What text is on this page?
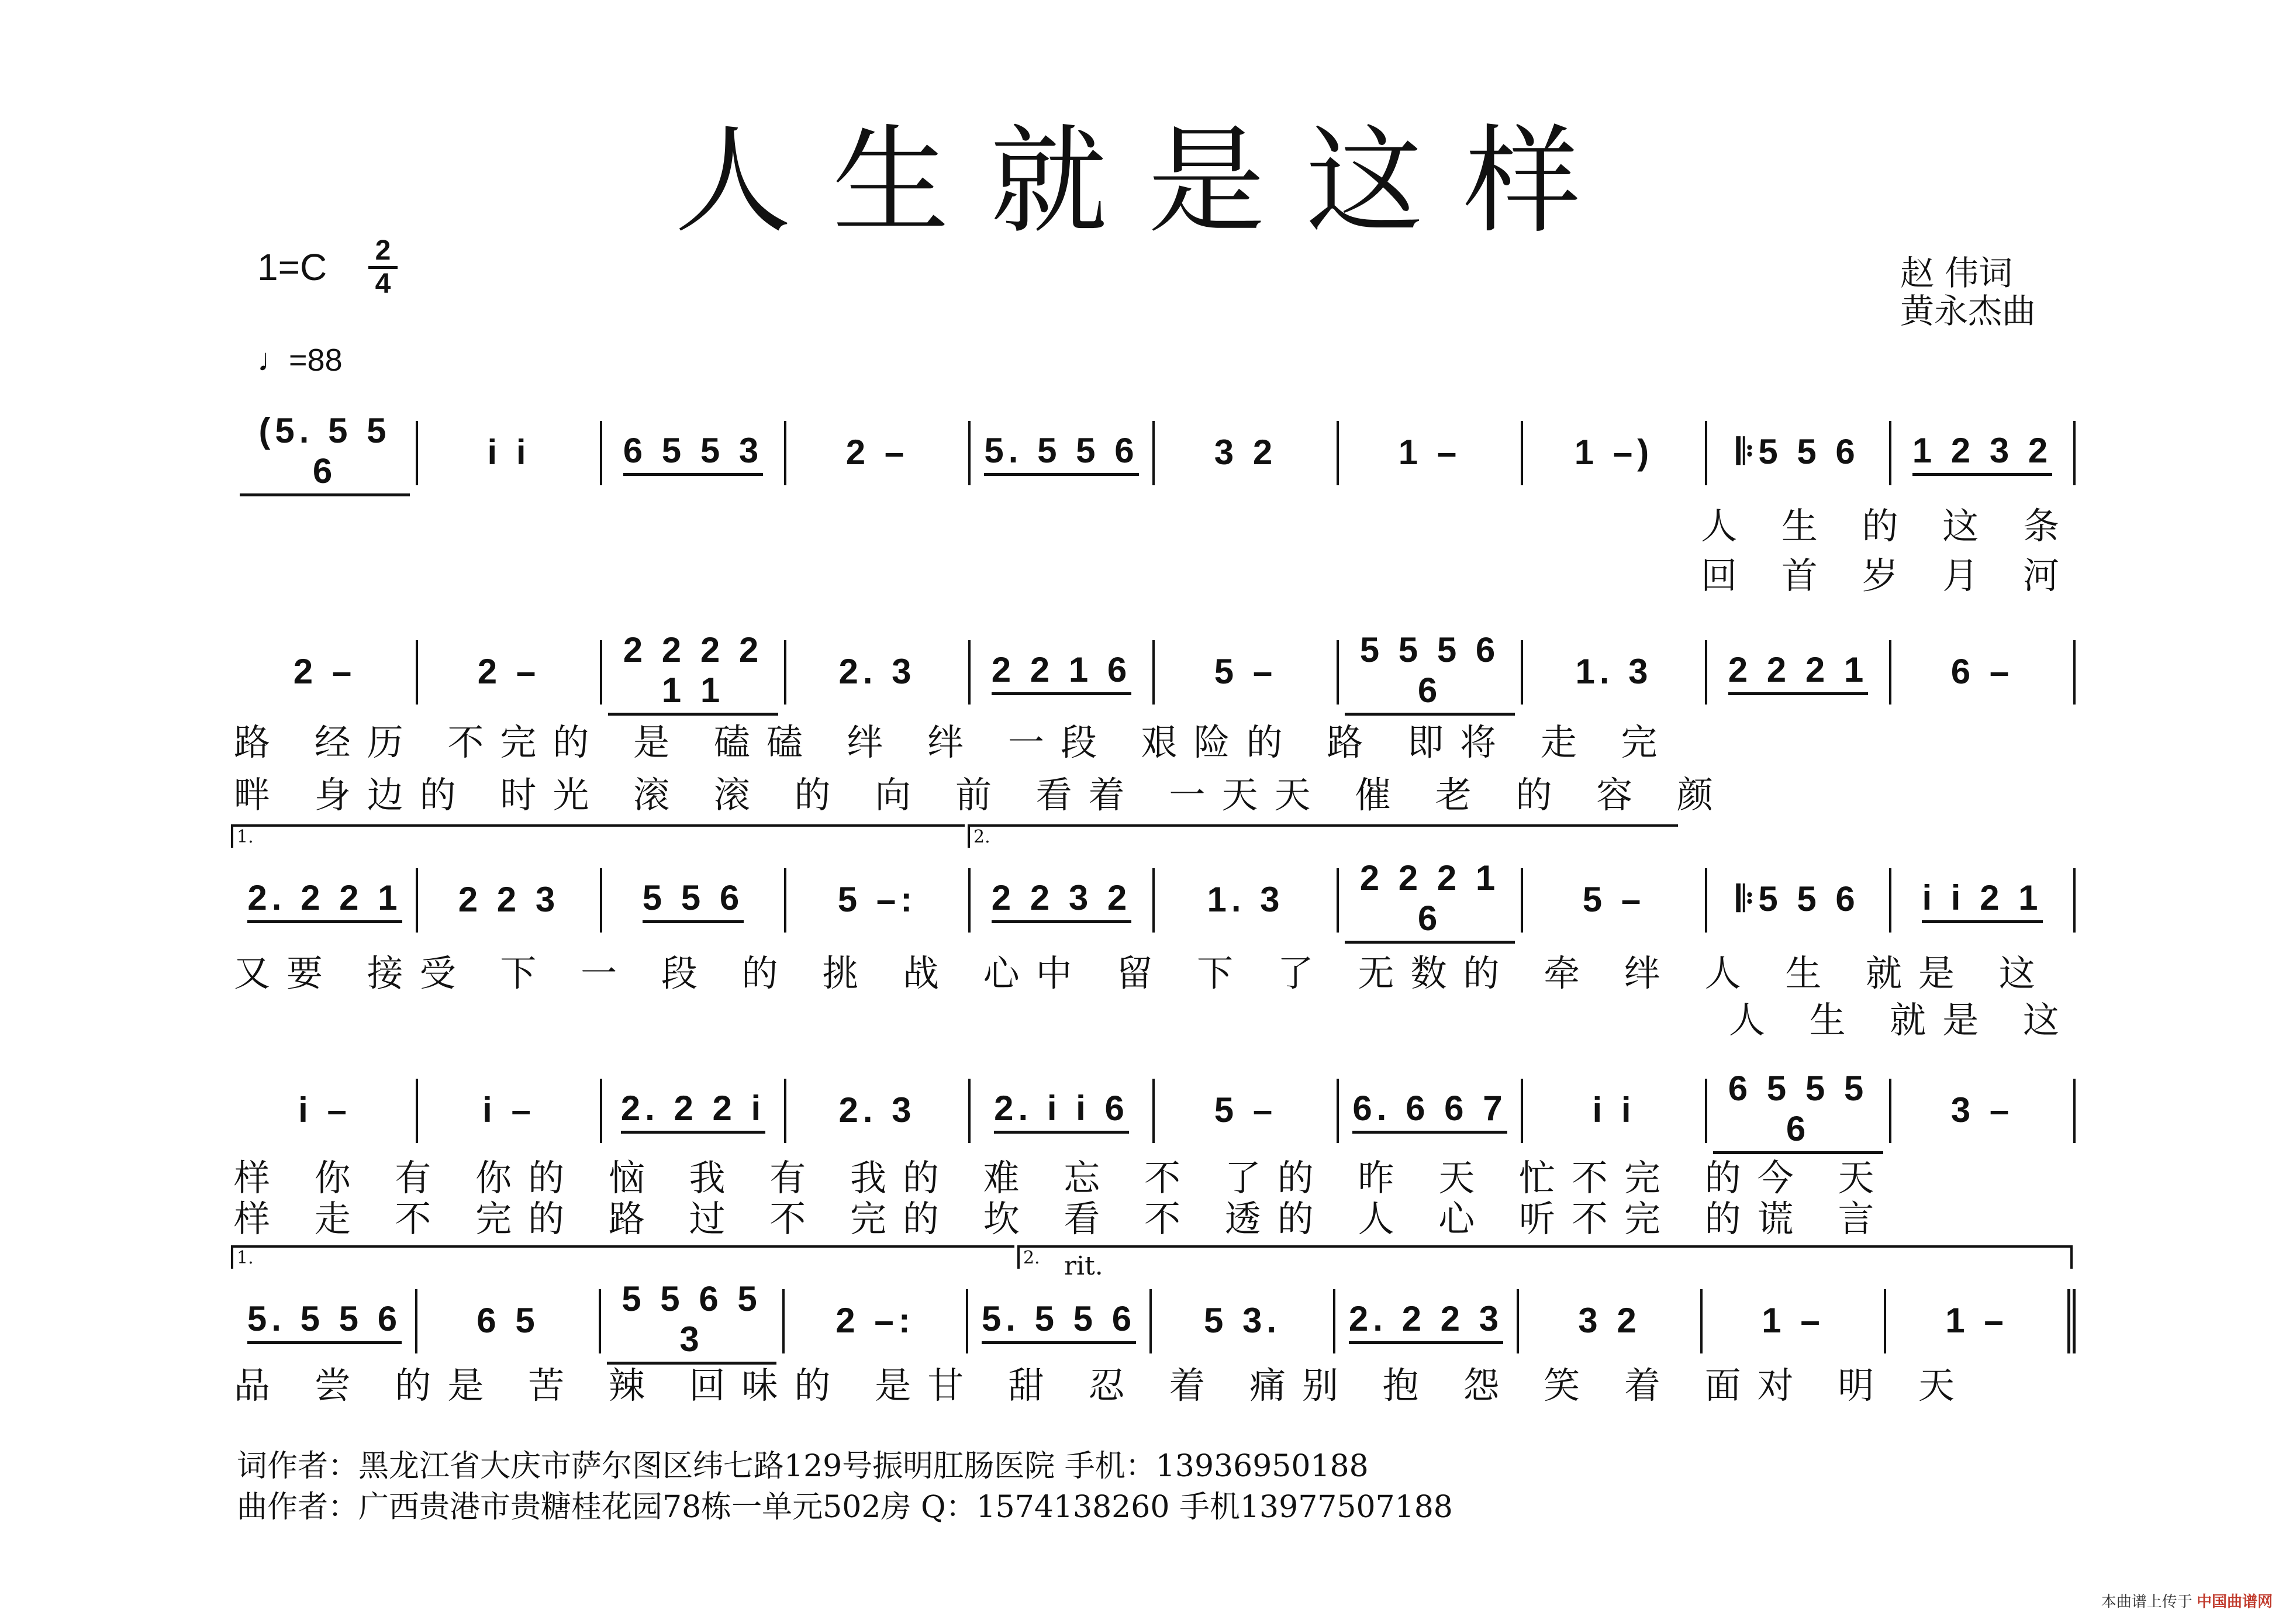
人生就是这样
1=C 2
4
♩=88
赵 伟词
黄永杰曲
(5. 5 5 6	i i	6 5 5 3 2 – 5. 5 5 6 3 2	1 –	1 –) 𝄆5 5 6 1 2 3 2
人 生 的 这 条
回 首 岁 月 河
2 –	2 –
2 2 2 2 1 1	2. 3 2 2 1 6 5 –
5 5 5 6 6	1. 3 2 2 2 1 6 –
路 经历 不完的 是 磕磕 绊 绊 一段 艰险的 路 即将 走 完
畔 身边的 时光 滚 滚 的 向 前 看着 一天天 催 老 的 容 颜
1.	2.
2. 2 2 1 2 2 3 5 5 6	5 –: 2 2 3 2 1. 3
2 2 2 1 6	5 –	𝄆5 5 6 i i 2 1
又要 接受 下 一 段 的 挑 战 心中 留 下 了 无数的 牵 绊 人 生 就是 这
人 生 就是 这
i –	i – 2. 2 2 i 2. 3 2. i i 6 5 – 6. 6 6 7 i i
6 5 5 5 6	3 –
样 你 有 你的 恼 我 有 我的 难 忘 不 了的 昨 天 忙不完 的今 天
样 走 不 完的 路 过 不 完的 坎 看 不 透的 人 心 听不完 的谎 言
1.	2. rit.
5. 5 5 6 6 5
5 5 6 5 3	2 –: 5. 5 5 6 5 3. 2. 2 2 3 3 2	1 –	1 –
品 尝 的是 苦 辣 回味的 是甘 甜 忍 着 痛别 抱 怨 笑 着 面对 明 天
词作者：黑龙江省大庆市萨尔图区纬七路129号振明肛肠医院 手机：13936950188
曲作者：广西贵港市贵糖桂花园78栋一单元502房 Q：1574138260 手机13977507188
本曲谱上传于 中国曲谱网
